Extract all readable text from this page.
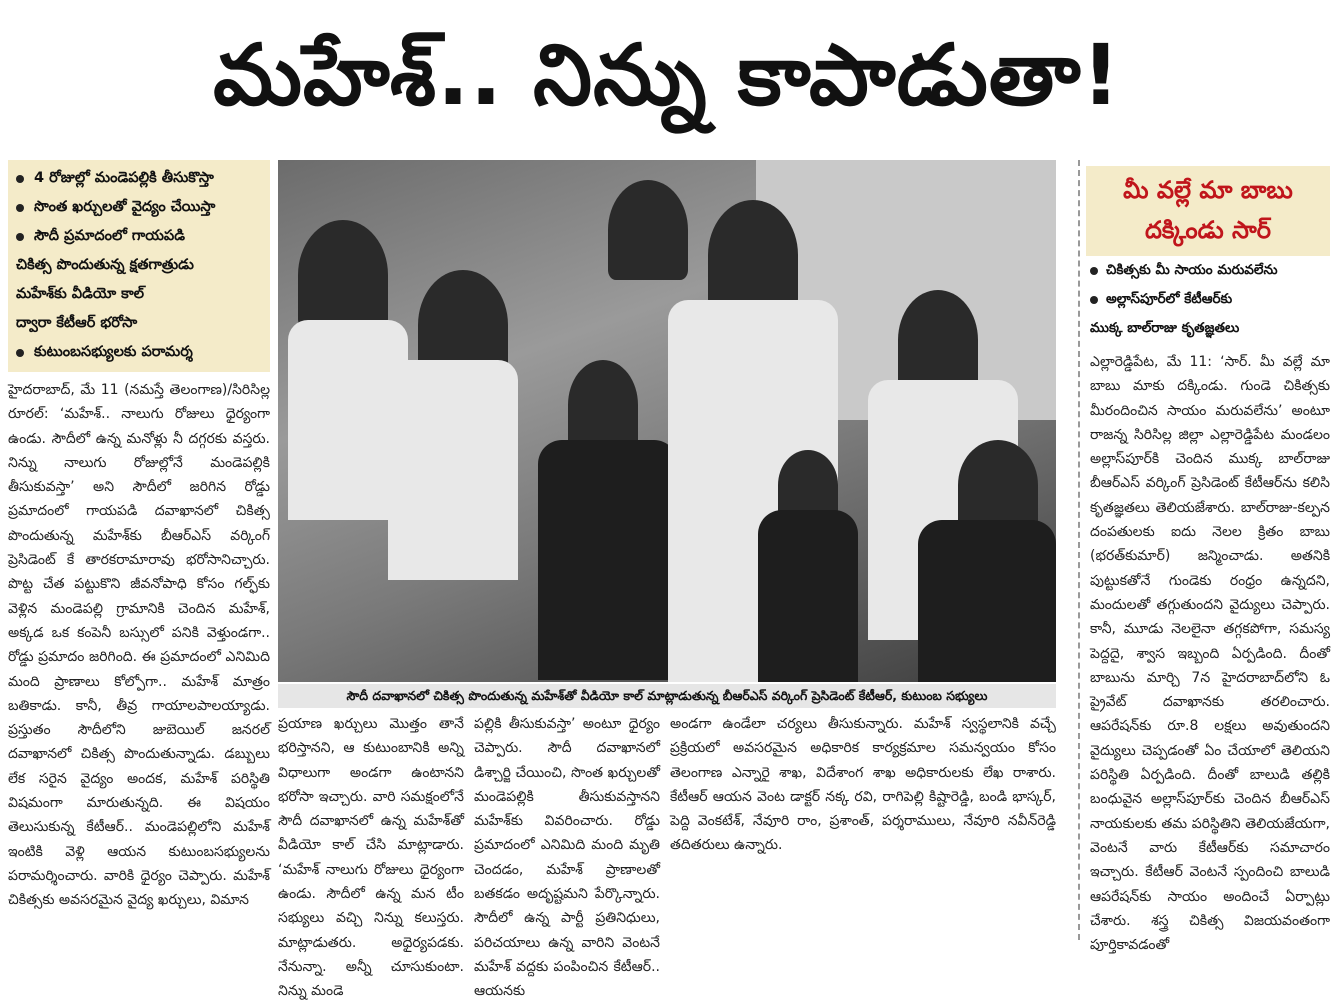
మహేశ్‌.. నిన్ను కాపాడుతా!
4 రోజుల్లో మండెపల్లికి తీసుకొస్తా
సొంత ఖర్చులతో వైద్యం చేయిస్తా
సౌదీ ప్రమాదంలో గాయపడి
చికిత్స పొందుతున్న క్షతగాత్రుడు
మహేశ్‌కు వీడియో కాల్‌
ద్వారా కేటీఆర్‌ భరోసా
కుటుంబసభ్యులకు పరామర్శ

హైదరాబాద్‌, మే 11 (నమస్తే తెలంగాణ)/సిరిసిల్ల రూరల్‌: ‘మహేశ్‌.. నాలుగు రోజులు ధైర్యంగా ఉండు. సౌదీలో ఉన్న మనోళ్లు నీ దగ్గరకు వస్తరు. నిన్ను నాలుగు రోజుల్లోనే మండెపల్లికి తీసుకువస్తా’ అని సౌదీలో జరిగిన రోడ్డు ప్రమాదంలో గాయపడి దవాఖానలో చికిత్స పొందుతున్న మహేశ్‌కు బీఆర్‌ఎస్‌ వర్కింగ్‌ ప్రెసిడెంట్‌ కే తారకరామారావు భరోసానిచ్చారు. పొట్ట చేత పట్టుకొని జీవనోపాధి కోసం గల్ఫ్‌కు వెళ్లిన మండెపల్లి గ్రామానికి చెందిన మహేశ్‌, అక్కడ ఒక కంపెనీ బస్సులో పనికి వెళ్తుండగా.. రోడ్డు ప్రమాదం జరిగింది. ఈ ప్రమాదంలో ఎనిమిది మంది ప్రాణాలు కోల్పోగా.. మహేశ్‌ మాత్రం బతికాడు. కానీ, తీవ్ర గాయాలపాలయ్యాడు. ప్రస్తుతం సౌదీలోని జుబెయిల్‌ జనరల్‌ దవాఖానలో చికిత్స పొందుతున్నాడు. డబ్బులు లేక సరైన వైద్యం అందక, మహేశ్‌ పరిస్థితి విషమంగా మారుతున్నది. ఈ విషయం తెలుసుకున్న కేటీఆర్‌.. మండెపల్లిలోని మహేశ్‌ ఇంటికి వెళ్లి ఆయన కుటుంబసభ్యులను పరామర్శించారు. వారికి ధైర్యం చెప్పారు. మహేశ్‌ చికిత్సకు అవసరమైన వైద్య ఖర్చులు, విమాన

సౌదీ దవాఖానలో చికిత్స పొందుతున్న మహేశ్‌తో వీడియో కాల్‌ మాట్లాడుతున్న బీఆర్‌ఎస్‌ వర్కింగ్‌ ప్రెసిడెంట్‌ కేటీఆర్‌, కుటుంబ సభ్యులు

ప్రయాణ ఖర్చులు మొత్తం తానే భరిస్తానని, ఆ కుటుంబానికి అన్ని విధాలుగా అండగా ఉంటానని భరోసా ఇచ్చారు. వారి సమక్షంలోనే సౌదీ దవాఖానలో ఉన్న మహేశ్‌తో వీడియో కాల్‌ చేసి మాట్లాడారు. ‘మహేశ్‌ నాలుగు రోజులు ధైర్యంగా ఉండు. సౌదీలో ఉన్న మన టీం సభ్యులు వచ్చి నిన్ను కలుస్తరు. మాట్లాడుతరు. అధైర్యపడకు. నేనున్నా. అన్నీ చూసుకుంటా. నిన్ను మండె

పల్లికి తీసుకువస్తా’ అంటూ ధైర్యం చెప్పారు. సౌదీ దవాఖానలో డిశ్చార్జి చేయించి, సొంత ఖర్చులతో మండెపల్లికి తీసుకువస్తానని మహేశ్‌కు వివరించారు. రోడ్డు ప్రమాదంలో ఎనిమిది మంది మృతి చెందడం, మహేశ్‌ ప్రాణాలతో బతకడం అదృష్టమని పేర్కొన్నారు. సౌదీలో ఉన్న పార్టీ ప్రతినిధులు, పరిచయాలు ఉన్న వారిని వెంటనే మహేశ్‌ వద్దకు పంపించిన కేటీఆర్‌.. ఆయనకు

అండగా ఉండేలా చర్యలు తీసుకున్నారు. మహేశ్‌ స్వస్థలానికి వచ్చే ప్రక్రియలో అవసరమైన అధికారిక కార్యక్రమాల సమన్వయం కోసం తెలంగాణ ఎన్నారై శాఖ, విదేశాంగ శాఖ అధికారులకు లేఖ రాశారు. కేటీఆర్‌ ఆయన వెంట డాక్టర్‌ నక్క రవి, రాగిపెల్లి కిష్టారెడ్డి, బండి భాస్కర్‌, పెద్ది వెంకటేశ్‌, నేవూరి రాం, ప్రశాంత్‌, పర్శరాములు, నేవూరి నవీన్‌రెడ్డి తదితరులు ఉన్నారు.

మీ వల్లే మా బాబు
దక్కిండు సార్‌
చికిత్సకు మీ సాయం మరువలేను
అల్లాస్‌పూర్‌లో కేటీఆర్‌కు
ముక్క బాల్‌రాజు కృతజ్ఞతలు

ఎల్లారెడ్డిపేట, మే 11: ‘సార్‌. మీ వల్లే మా బాబు మాకు దక్కిండు. గుండె చికిత్సకు మీరందించిన సాయం మరువలేను’ అంటూ రాజన్న సిరిసిల్ల జిల్లా ఎల్లారెడ్డిపేట మండలం అల్లాస్‌పూర్‌కి చెందిన ముక్క బాల్‌రాజు బీఆర్‌ఎస్‌ వర్కింగ్‌ ప్రెసిడెంట్‌ కేటీఆర్‌ను కలిసి కృతజ్ఞతలు తెలియజేశారు. బాల్‌రాజు-కల్పన దంపతులకు ఐదు నెలల క్రితం బాబు (భరత్‌కుమార్‌) జన్మించాడు. అతనికి పుట్టుకతోనే గుండెకు రంధ్రం ఉన్నదని, మందులతో తగ్గుతుందని వైద్యులు చెప్పారు. కానీ, మూడు నెలలైనా తగ్గకపోగా, సమస్య పెద్దదై, శ్వాస ఇబ్బంది ఏర్పడింది. దీంతో బాబును మార్చి 7న హైదరాబాద్‌లోని ఓ ప్రైవేట్‌ దవాఖానకు తరలించారు. ఆపరేషన్‌కు రూ.8 లక్షలు అవుతుందని వైద్యులు చెప్పడంతో ఏం చేయాలో తెలియని పరిస్థితి ఏర్పడింది. దీంతో బాలుడి తల్లికి బంధువైన అల్లాస్‌పూర్‌కు చెందిన బీఆర్‌ఎస్‌ నాయకులకు తమ పరిస్థితిని తెలియజేయగా, వెంటనే వారు కేటీఆర్‌కు సమాచారం ఇచ్చారు. కేటీఆర్‌ వెంటనే స్పందించి బాలుడి ఆపరేషన్‌కు సాయం అందించే ఏర్పాట్లు చేశారు. శస్త్ర చికిత్స విజయవంతంగా పూర్తికావడంతో
